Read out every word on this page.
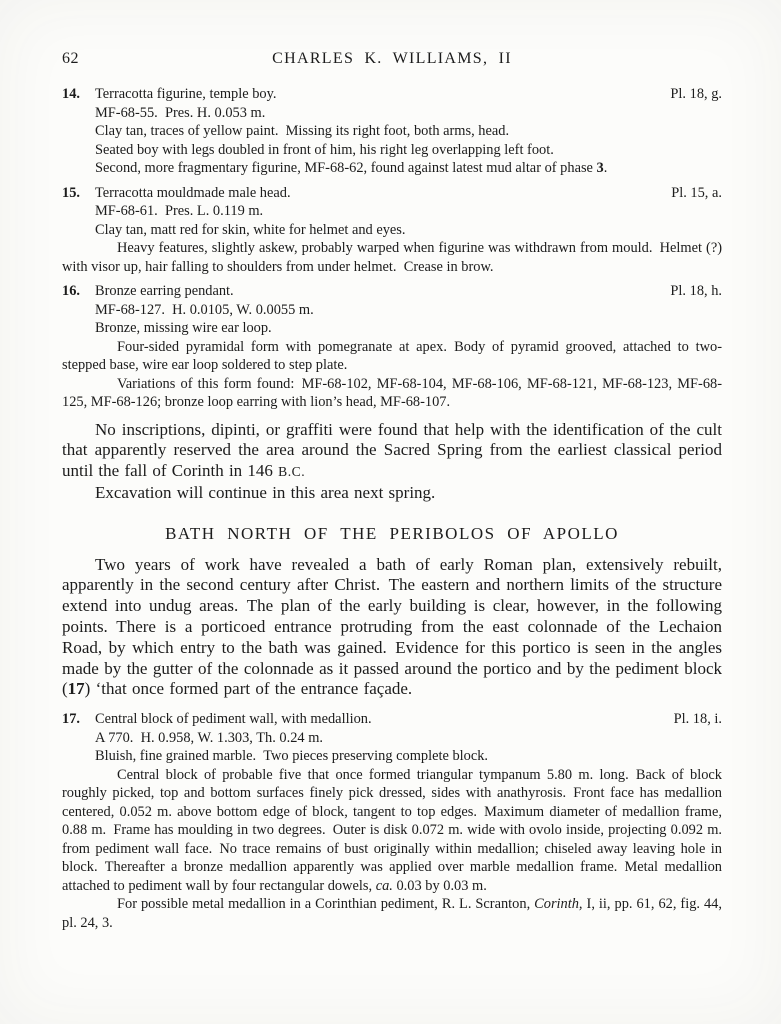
62	CHARLES K. WILLIAMS, II
14.	Terracotta figurine, temple boy.	Pl. 18, g.
MF-68-55. Pres. H. 0.053 m.
Clay tan, traces of yellow paint. Missing its right foot, both arms, head.
Seated boy with legs doubled in front of him, his right leg overlapping left foot.
Second, more fragmentary figurine, MF-68-62, found against latest mud altar of phase 3.
15.	Terracotta mouldmade male head.	Pl. 15, a.
MF-68-61. Pres. L. 0.119 m.
Clay tan, matt red for skin, white for helmet and eyes.
Heavy features, slightly askew, probably warped when figurine was withdrawn from mould. Helmet (?) with visor up, hair falling to shoulders from under helmet. Crease in brow.
16.	Bronze earring pendant.	Pl. 18, h.
MF-68-127. H. 0.0105, W. 0.0055 m.
Bronze, missing wire ear loop.
Four-sided pyramidal form with pomegranate at apex. Body of pyramid grooved, attached to two-stepped base, wire ear loop soldered to step plate.
Variations of this form found: MF-68-102, MF-68-104, MF-68-106, MF-68-121, MF-68-123, MF-68-125, MF-68-126; bronze loop earring with lion’s head, MF-68-107.
No inscriptions, dipinti, or graffiti were found that help with the identification of the cult that apparently reserved the area around the Sacred Spring from the earliest classical period until the fall of Corinth in 146 B.C.
Excavation will continue in this area next spring.
BATH NORTH OF THE PERIBOLOS OF APOLLO
Two years of work have revealed a bath of early Roman plan, extensively rebuilt, apparently in the second century after Christ. The eastern and northern limits of the structure extend into undug areas. The plan of the early building is clear, however, in the following points. There is a porticoed entrance protruding from the east colonnade of the Lechaion Road, by which entry to the bath was gained. Evidence for this portico is seen in the angles made by the gutter of the colonnade as it passed around the portico and by the pediment block (17) ‘that once formed part of the entrance façade.
17.	Central block of pediment wall, with medallion.	Pl. 18, i.
A 770. H. 0.958, W. 1.303, Th. 0.24 m.
Bluish, fine grained marble. Two pieces preserving complete block.
Central block of probable five that once formed triangular tympanum 5.80 m. long. Back of block roughly picked, top and bottom surfaces finely pick dressed, sides with anathyrosis. Front face has medallion centered, 0.052 m. above bottom edge of block, tangent to top edges. Maximum diameter of medallion frame, 0.88 m. Frame has moulding in two degrees. Outer is disk 0.072 m. wide with ovolo inside, projecting 0.092 m. from pediment wall face. No trace remains of bust originally within medallion; chiseled away leaving hole in block. Thereafter a bronze medallion apparently was applied over marble medallion frame. Metal medallion attached to pediment wall by four rectangular dowels, ca. 0.03 by 0.03 m.
For possible metal medallion in a Corinthian pediment, R. L. Scranton, Corinth, I, ii, pp. 61, 62, fig. 44, pl. 24, 3.
